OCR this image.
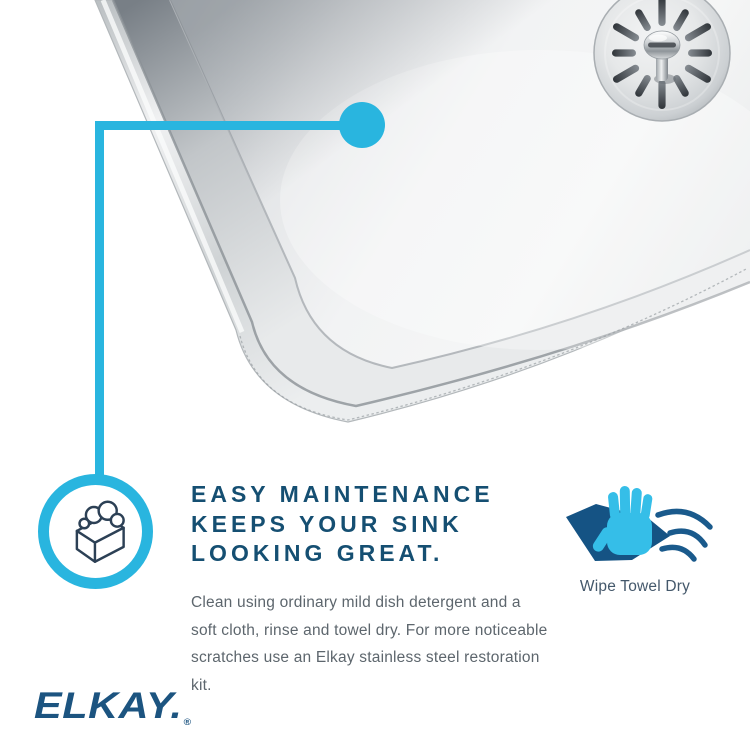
EASY MAINTENANCE
KEEPS YOUR SINK
LOOKING GREAT.
Clean using ordinary mild dish detergent and a
soft cloth, rinse and towel dry. For more noticeable
scratches use an Elkay stainless steel restoration kit.
Wipe Towel Dry
ELKAY.®
